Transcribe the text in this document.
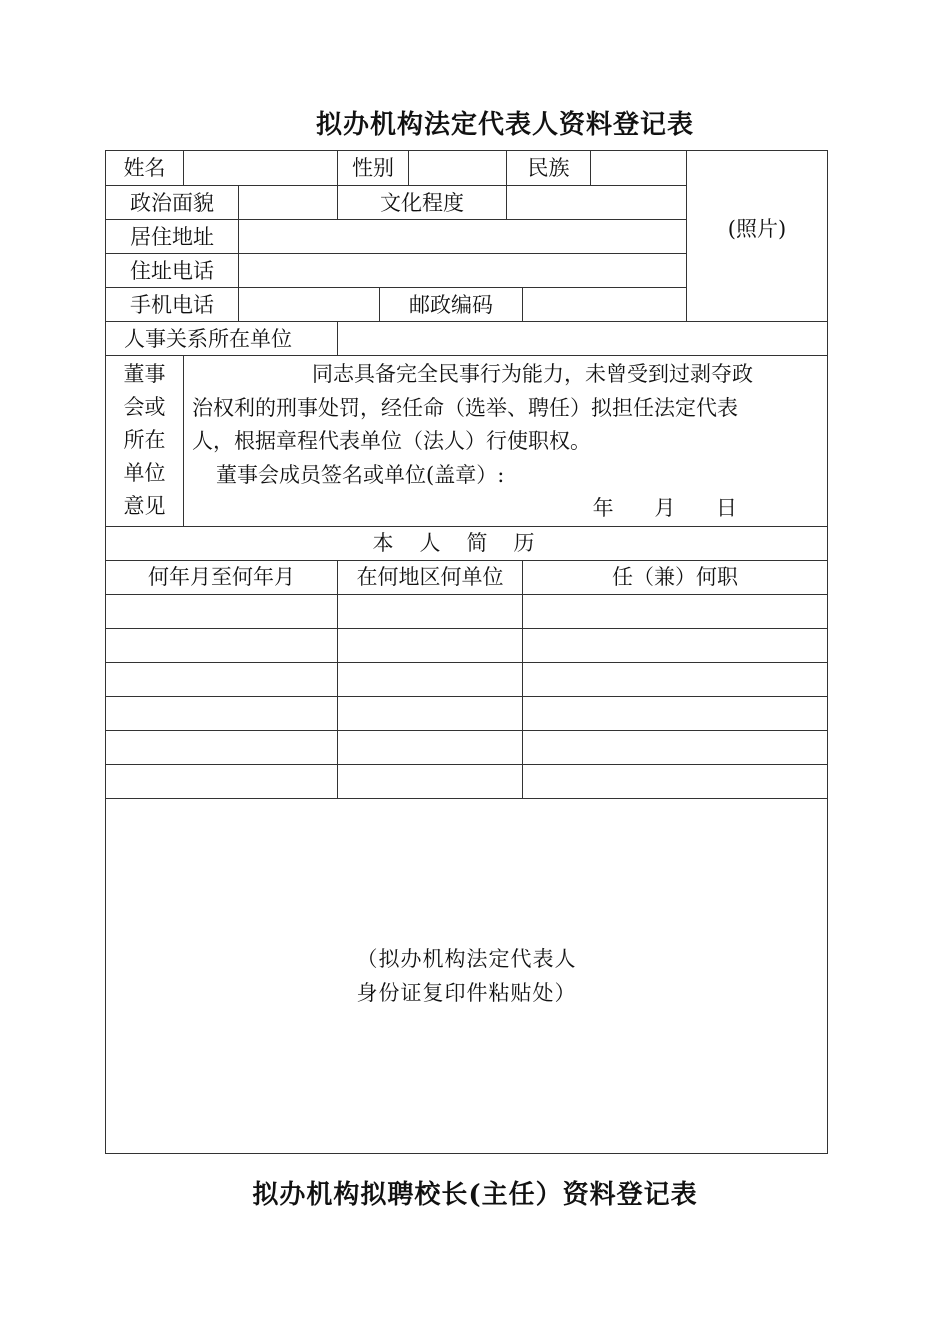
拟办机构法定代表人资料登记表
姓名			性别			民族			(照片)

政治面貌			文化程度						
居住地址									
住址电话									
手机电话				邮政编码					
人事关系所在单位									

董事会或所在单位意见	同志具备完全民事行为能力，未曾受到过剥夺政
治权利的刑事处罚，经任命（选举、聘任）拟担任法定代表
人，根据章程代表单位（法人）行使职权。
董事会成员签名或单位(盖章）:
年 月 日								

本人简历									
何年月至何年月			在何地区何单位				任（兼）何职		

（拟办机构法定代表人
身份证复印件粘贴处）									
拟办机构拟聘校长(主任）资料登记表
